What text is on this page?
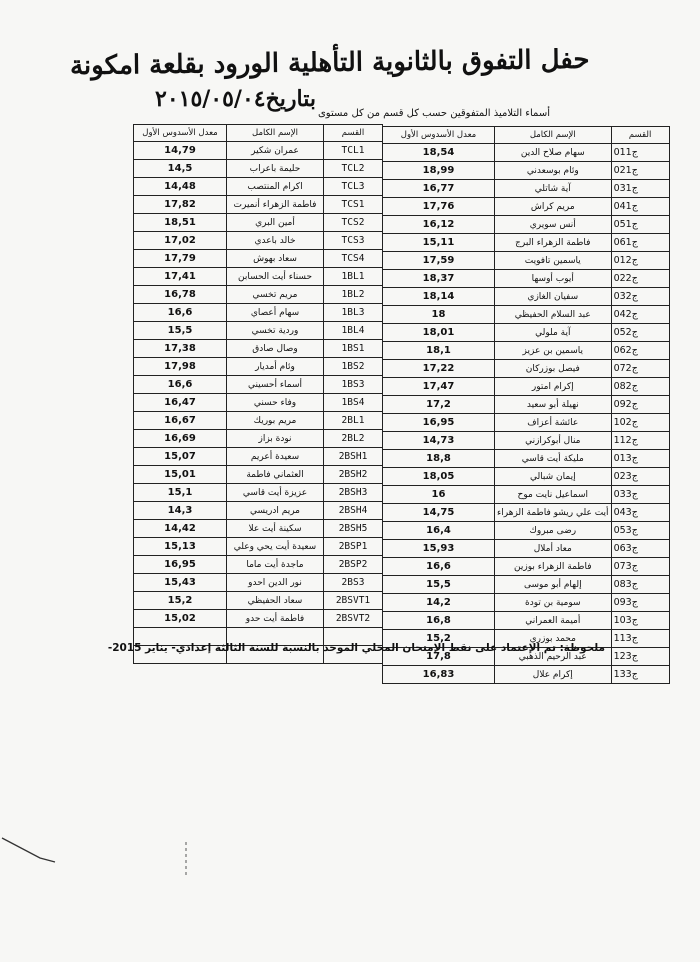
حفل التفوق بالثانوية التأهلية الورود بقلعة امكونة
بتاريخ٢٠١٥/٠٥/٠٤
أسماء التلاميذ المتفوقين حسب كل قسم من كل مستوى
معدل الأسدوس الأول	الإسم الكامل	القسم
18,54	سهام صلاح الدين	01ج1
18,99	وئام بوسعدني	02ج1
16,77	آية شاتلي	03ج1
17,76	مريم كراش	04ج1
16,12	أنس سويري	05ج1
15,11	فاطمة الزهراء البرج	06ج1
17,59	ياسمين تافويت	01ج2
18,37	أيوب أوسها	02ج2
18,14	سفيان الغازي	03ج2
18	عبد السلام الحفيظي	04ج2
18,01	آية ملولي	05ج2
18,1	ياسمين بن عزيز	06ج2
17,22	فيصل بوزركان	07ج2
17,47	إكرام امتور	08ج2
17,2	نهيلة أبو سعيد	09ج2
16,95	عائشة أعزاف	10ج2
14,73	منال أبوكرازني	11ج2
18,8	مليكة أيت قاسي	01ج3
18,05	إيمان شبالي	02ج3
16	اسماعيل نايت موح	03ج3
14,75	أيت علي ريشو فاطمة الزهراء	04ج3
16,4	رضى مبروك	05ج3
15,93	معاد أملال	06ج3
16,6	فاطمة الزهراء بوزين	07ج3
15,5	إلهام أبو موسى	08ج3
14,2	سومية بن تودة	09ج3
16,8	أميمة العمراني	10ج3
15,2	محمد بوزري	11ج3
17,8	عبد الرحيم الذهبي	12ج3
16,83	إكرام علال	13ج3
معدل الأسدوس الأول	الإسم الكامل	القسم
14,79	عمران شكير	TCL1
14,5	حليمة باعراب	TCL2
14,48	اكرام المنتصب	TCL3
17,82	فاطمة الزهراء أنميرت	TCS1
18,51	أمين البري	TCS2
17,02	خالد باعدي	TCS3
17,79	سعاد بهوش	TCS4
17,41	حسناء أيت الحسابن	1BL1
16,78	مريم تخسي	1BL2
16,6	سهام أعصاي	1BL3
15,5	وردية تخسي	1BL4
17,38	وصال صادق	1BS1
17,98	وئام أمديار	1BS2
16,6	أسماء أحسيني	1BS3
16,47	وفاء حسني	1BS4
16,67	مريم بوريك	2BL1
16,69	نودة بزاز	2BL2
15,07	سعيدة أعريم	2BSH1
15,01	العثماني فاطمة	2BSH2
15,1	عزيزة أيت قاسي	2BSH3
14,3	مريم ادريسي	2BSH4
14,42	سكينة أيت علا	2BSH5
15,13	سعيدة أيت يحي وعلي	2BSP1
16,95	ماجدة أيت ماما	2BSP2
15,43	نور الدين احدو	2BS3
15,2	سعاد الحفيظي	2BSVT1
15,02	فاطمة أيت حدو	2BSVT2

ملحوظة: تم الإعتماد على نقط الإمتحان المحلي الموحد بالنسبة للسنة الثالثة إعدادي- يناير 2015-
